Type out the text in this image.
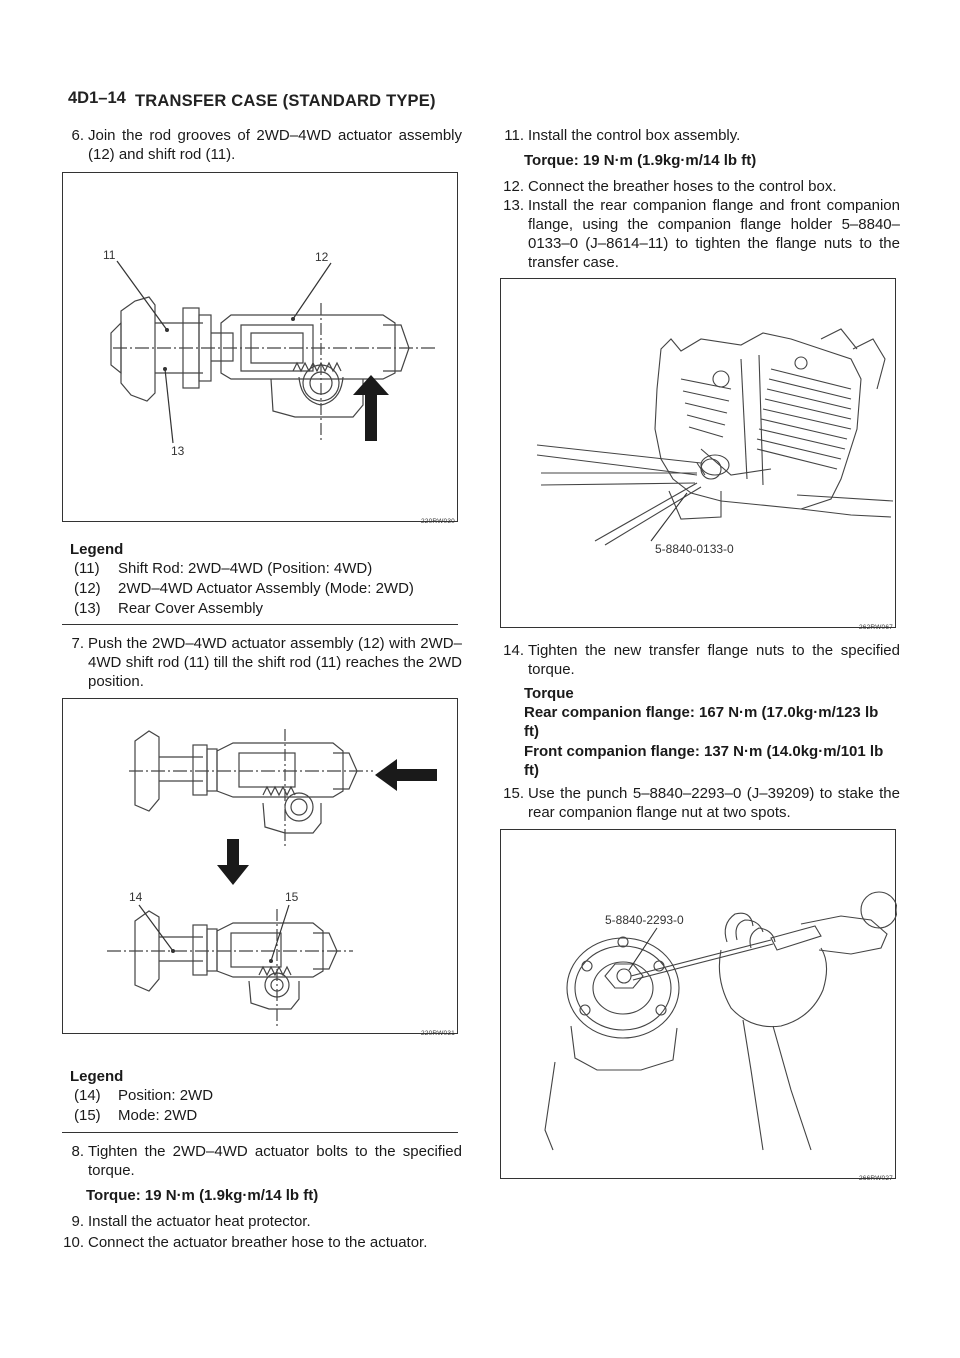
4D1–14 TRANSFER CASE (STANDARD TYPE)
6. Join the rod grooves of 2WD–4WD actuator assembly (12) and shift rod (11).
11	12
13
220RW030
Legend
(11)	Shift Rod: 2WD–4WD (Position: 4WD)
(12)	2WD–4WD Actuator Assembly (Mode: 2WD)
(13)	Rear Cover Assembly
7. Push the 2WD–4WD actuator assembly (12) with 2WD–4WD shift rod (11) till the shift rod (11) reaches the 2WD position.
14	15
220RW031
Legend
(14)	Position: 2WD
(15)	Mode: 2WD
8. Tighten the 2WD–4WD actuator bolts to the specified torque.
Torque: 19 N·m (1.9kg·m/14 lb ft)
9. Install the actuator heat protector.
10. Connect the actuator breather hose to the actuator.
11. Install the control box assembly.
Torque: 19 N·m (1.9kg·m/14 lb ft)
12. Connect the breather hoses to the control box.
13. Install the rear companion flange and front companion flange, using the companion flange holder 5–8840–0133–0 (J–8614–11) to tighten the flange nuts to the transfer case.
5-8840-0133-0
262RW067
14. Tighten the new transfer flange nuts to the specified torque.
Torque
Rear companion flange: 167 N·m (17.0kg·m/123 lb ft)
Front companion flange: 137 N·m (14.0kg·m/101 lb ft)
15. Use the punch 5–8840–2293–0 (J–39209) to stake the rear companion flange nut at two spots.
5-8840-2293-0
266RW027
